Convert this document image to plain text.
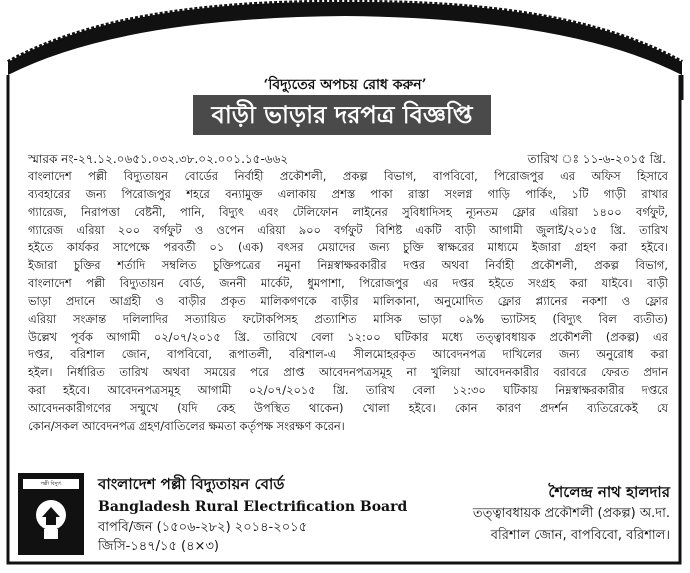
‘বিদ্যুতের অপচয় রোধ করুন’
বাড়ী ভাড়ার দরপত্র বিজ্ঞপ্তি
স্মারক নং-২৭.১২.০৬৫১.০৩২.৩৮.০২.০০১.১৫-৬৬২	তারিখ ঃ ১১-৬-২০১৫ খ্রি.
বাংলাদেশ পল্লী বিদ্যুতায়ন বোর্ডের নির্বাহী প্রকৌশলী, প্রকল্প বিভাগ, বাপবিবো, পিরোজপুর এর অফিস হিসাবে
ব্যবহারের জন্য পিরোজপুর শহরে বন্যামুক্ত এলাকায় প্রশস্ত পাকা রাস্তা সংলগ্ন গাড়ি পার্কিং, ১টি গাড়ী রাখার
গ্যারেজ, নিরাপত্তা বেষ্টনী, পানি, বিদ্যুৎ এবং টেলিফোন লাইনের সুবিধাদিসহ ন্যূনতম ফ্লোর এরিয়া ১৪০০ বর্গফুট,
গ্যারেজ এরিয়া ২০০ বর্গফুট ও ওপেন এরিয়া ৯০০ বর্গফুট বিশিষ্ট একটি বাড়ী আগামী জুলাই/২০১৫ খ্রি. তারিখ
হইতে কার্যকর সাপেক্ষে পরবর্তী ০১ (এক) বৎসর মেয়াদের জন্য চুক্তি স্বাক্ষরের মাধ্যমে ইজারা গ্রহণ করা হইবে।
ইজারা চুক্তির শর্তাদি সম্বলিত চুক্তিপত্রের নমুনা নিম্নস্বাক্ষরকারীর দপ্তর অথবা নির্বাহী প্রকৌশলী, প্রকল্প বিভাগ,
বাংলাদেশ পল্লী বিদ্যুতায়ন বোর্ড, জননী মার্কেট, ধুমপাশা, পিরোজপুর এর দপ্তর হইতে সংগ্রহ করা যাইবে। বাড়ী
ভাড়া প্রদানে আগ্রহী ও বাড়ীর প্রকৃত মালিকগণকে বাড়ীর মালিকানা, অনুমোদিত ফ্লোর প্ল্যানের নকশা ও ফ্লোর
এরিয়া সংক্রান্ত দলিলাদির সত্যায়িত ফটোকপিসহ প্রত্যাশিত মাসিক ভাড়া ০৯% ভ্যাটসহ (বিদ্যুৎ বিল ব্যতীত)
উল্লেখ পূর্বক আগামী ০২/০৭/২০১৫ খ্রি. তারিখে বেলা ১২:০০ ঘটিকার মধ্যে তত্ত্বাবধায়ক প্রকৌশলী (প্রকল্প) এর
দপ্তর, বরিশাল জোন, বাপবিবো, রূপাতলী, বরিশাল-এ সীলমোহরকৃত আবেদনপত্র দাখিলের জন্য অনুরোধ করা
হইল। নির্ধারিত তারিখ অথবা সময়ের পরে প্রাপ্ত আবেদনপত্রসমূহ না খুলিয়া আবেদনকারীর বরাবরে ফেরত প্রদান
করা হইবে। আবেদনপত্রসমূহ আগামী ০২/০৭/২০১৫ খ্রি. তারিখ বেলা ১২:৩০ ঘটিকায় নিম্নস্বাক্ষরকারীর দপ্তরে
আবেদনকারীগণের সম্মুখে (যদি কেহ উপস্থিত থাকেন) খোলা হইবে। কোন কারণ প্রদর্শন ব্যতিরেকেই যে
কোন/সকল আবেদনপত্র গ্রহণ/বাতিলের ক্ষমতা কর্তৃপক্ষ সংরক্ষণ করেন।
পল্লী বিদ্যুৎ	বাংলাদেশ পল্লী বিদ্যুতায়ন বোর্ড
Bangladesh Rural Electrification Board
বাপবি/জন (১৫০৬-২৮২) ২০১৪-২০১৫
জিসি-১৪৭/১৫ (৪×৩)
শৈলেন্দ্র নাথ হালদার
তত্ত্বাবধায়ক প্রকৌশলী (প্রকল্প) অ.দা.
বরিশাল জোন, বাপবিবো, বরিশাল।
